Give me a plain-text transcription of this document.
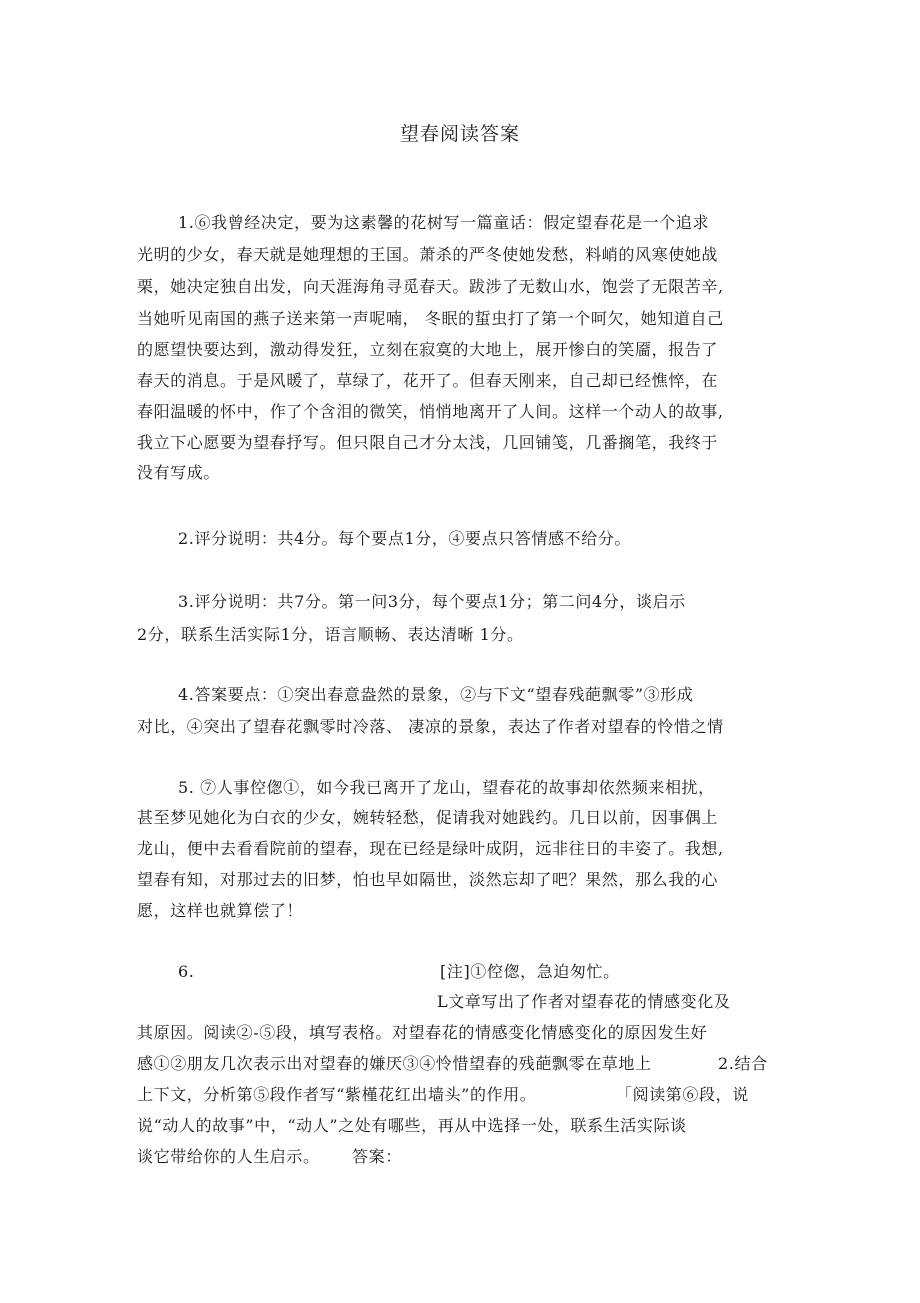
望春阅读答案
1.⑥我曾经决定，要为这素馨的花树写一篇童话：假定望春花是一个追求
光明的少女，春天就是她理想的王国。萧杀的严冬使她发愁，料峭的风寒使她战
栗，她决定独自出发，向天涯海角寻觅春天。跋涉了无数山水，饱尝了无限苦辛,
当她听见南国的燕子送来第一声呢喃， 冬眠的蜇虫打了第一个呵欠，她知道自己
的愿望快要达到，激动得发狂，立刻在寂寞的大地上，展开惨白的笑靥，报告了
春天的消息。于是风暖了，草绿了，花开了。但春天刚来，自己却已经憔悴，在
春阳温暖的怀中，作了个含泪的微笑，悄悄地离开了人间。这样一个动人的故事,
我立下心愿要为望春抒写。但只限自己才分太浅，几回铺笺，几番搁笔，我终于
没有写成。
2.评分说明：共4分。每个要点1分，④要点只答情感不给分。
3.评分说明：共7分。第一问3分，每个要点1分；第二问4分，谈启示
2分，联系生活实际1分，语言顺畅、表达清晰 1分。
4.答案要点：①突出春意盎然的景象，②与下文“望春残葩飘零”③形成
对比，④突出了望春花飘零时冷落、 凄凉的景象，表达了作者对望春的怜惜之情
5. ⑦人事倥偬①，如今我已离开了龙山，望春花的故事却依然频来相扰，
甚至梦见她化为白衣的少女，婉转轻愁，促请我对她践约。几日以前，因事偶上
龙山，便中去看看院前的望春，现在已经是绿叶成阴，远非往日的丰姿了。我想,
望春有知，对那过去的旧梦，怕也早如隔世，淡然忘却了吧？果然，那么我的心
愿，这样也就算偿了！
6.	[注]①倥偬，急迫匆忙。
L文章写出了作者对望春花的情感变化及
其原因。阅读②-⑤段，填写表格。对望春花的情感变化情感变化的原因发生好
感①②朋友几次表示出对望春的嫌厌③④怜惜望春的残葩飘零在草地上	2.结合
上下文，分析第⑤段作者写“紫槿花红出墙头”的作用。	「阅读第⑥段，说
说“动人的故事”中，“动人”之处有哪些，再从中选择一处，联系生活实际谈
谈它带给你的人生启示。 答案：
